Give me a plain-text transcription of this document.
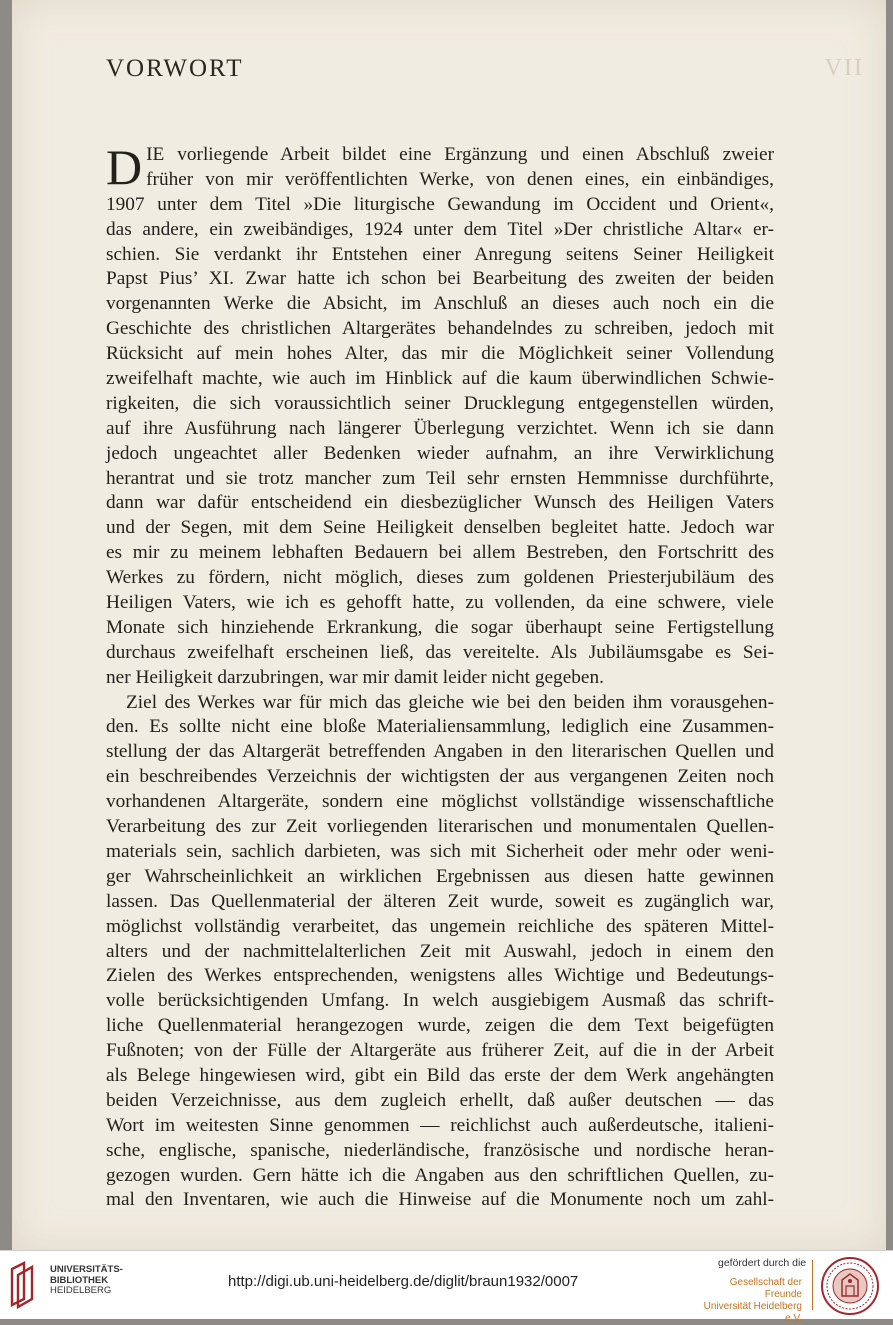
VII
VORWORT
D IE vorliegende Arbeit bildet eine Ergänzung und einen Abschluß zweier
früher von mir veröffentlichten Werke, von denen eines, ein einbändiges,
1907 unter dem Titel »Die liturgische Gewandung im Occident und Orient«,
das andere, ein zweibändiges, 1924 unter dem Titel »Der christliche Altar« er-
schien. Sie verdankt ihr Entstehen einer Anregung seitens Seiner Heiligkeit
Papst Pius’ XI. Zwar hatte ich schon bei Bearbeitung des zweiten der beiden
vorgenannten Werke die Absicht, im Anschluß an dieses auch noch ein die
Geschichte des christlichen Altargerätes behandelndes zu schreiben, jedoch mit
Rücksicht auf mein hohes Alter, das mir die Möglichkeit seiner Vollendung
zweifelhaft machte, wie auch im Hinblick auf die kaum überwindlichen Schwie-
rigkeiten, die sich voraussichtlich seiner Drucklegung entgegenstellen würden,
auf ihre Ausführung nach längerer Überlegung verzichtet. Wenn ich sie dann
jedoch ungeachtet aller Bedenken wieder aufnahm, an ihre Verwirklichung
herantrat und sie trotz mancher zum Teil sehr ernsten Hemmnisse durchführte,
dann war dafür entscheidend ein diesbezüglicher Wunsch des Heiligen Vaters
und der Segen, mit dem Seine Heiligkeit denselben begleitet hatte. Jedoch war
es mir zu meinem lebhaften Bedauern bei allem Bestreben, den Fortschritt des
Werkes zu fördern, nicht möglich, dieses zum goldenen Priesterjubiläum des
Heiligen Vaters, wie ich es gehofft hatte, zu vollenden, da eine schwere, viele
Monate sich hinziehende Erkrankung, die sogar überhaupt seine Fertigstellung
durchaus zweifelhaft erscheinen ließ, das vereitelte. Als Jubiläumsgabe es Sei-
ner Heiligkeit darzubringen, war mir damit leider nicht gegeben.
Ziel des Werkes war für mich das gleiche wie bei den beiden ihm vorausgehen-
den. Es sollte nicht eine bloße Materialiensammlung, lediglich eine Zusammen-
stellung der das Altargerät betreffenden Angaben in den literarischen Quellen und
ein beschreibendes Verzeichnis der wichtigsten der aus vergangenen Zeiten noch
vorhandenen Altargeräte, sondern eine möglichst vollständige wissenschaftliche
Verarbeitung des zur Zeit vorliegenden literarischen und monumentalen Quellen-
materials sein, sachlich darbieten, was sich mit Sicherheit oder mehr oder weni-
ger Wahrscheinlichkeit an wirklichen Ergebnissen aus diesen hatte gewinnen
lassen. Das Quellenmaterial der älteren Zeit wurde, soweit es zugänglich war,
möglichst vollständig verarbeitet, das ungemein reichliche des späteren Mittel-
alters und der nachmittelalterlichen Zeit mit Auswahl, jedoch in einem den
Zielen des Werkes entsprechenden, wenigstens alles Wichtige und Bedeutungs-
volle berücksichtigenden Umfang. In welch ausgiebigem Ausmaß das schrift-
liche Quellenmaterial herangezogen wurde, zeigen die dem Text beigefügten
Fußnoten; von der Fülle der Altargeräte aus früherer Zeit, auf die in der Arbeit
als Belege hingewiesen wird, gibt ein Bild das erste der dem Werk angehängten
beiden Verzeichnisse, aus dem zugleich erhellt, daß außer deutschen — das
Wort im weitesten Sinne genommen — reichlichst auch außerdeutsche, italieni-
sche, englische, spanische, niederländische, französische und nordische heran-
gezogen wurden. Gern hätte ich die Angaben aus den schriftlichen Quellen, zu-
mal den Inventaren, wie auch die Hinweise auf die Monumente noch um zahl-
UNIVERSITÄTS-
BIBLIOTHEK
HEIDELBERG
http://digi.ub.uni-heidelberg.de/diglit/braun1932/0007
gefördert durch die
Gesellschaft der Freunde
Universität Heidelberg e.V.
